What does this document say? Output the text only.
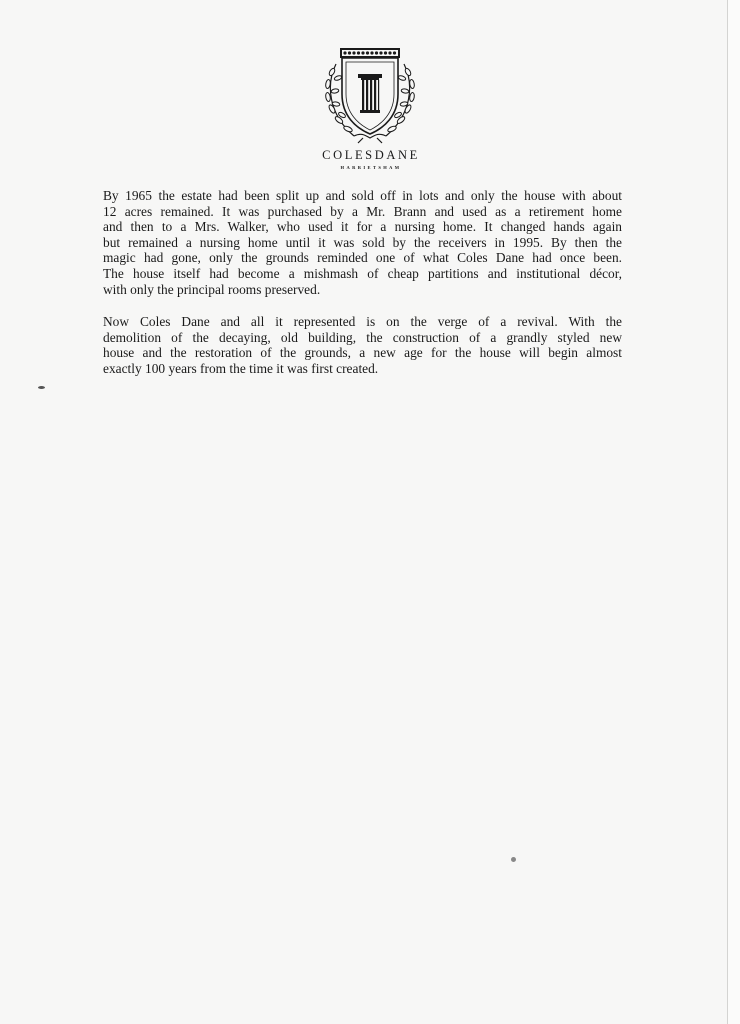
COLESDANE
HARRIETSHAM

By 1965 the estate had been split up and sold off in lots and only the house with about
12 acres remained. It was purchased by a Mr. Brann and used as a retirement home
and then to a Mrs. Walker, who used it for a nursing home. It changed hands again
but remained a nursing home until it was sold by the receivers in 1995. By then the
magic had gone, only the grounds reminded one of what Coles Dane had once been.
The house itself had become a mishmash of cheap partitions and institutional décor,
with only the principal rooms preserved.

Now Coles Dane and all it represented is on the verge of a revival. With the
demolition of the decaying, old building, the construction of a grandly styled new
house and the restoration of the grounds, a new age for the house will begin almost
exactly 100 years from the time it was first created.
